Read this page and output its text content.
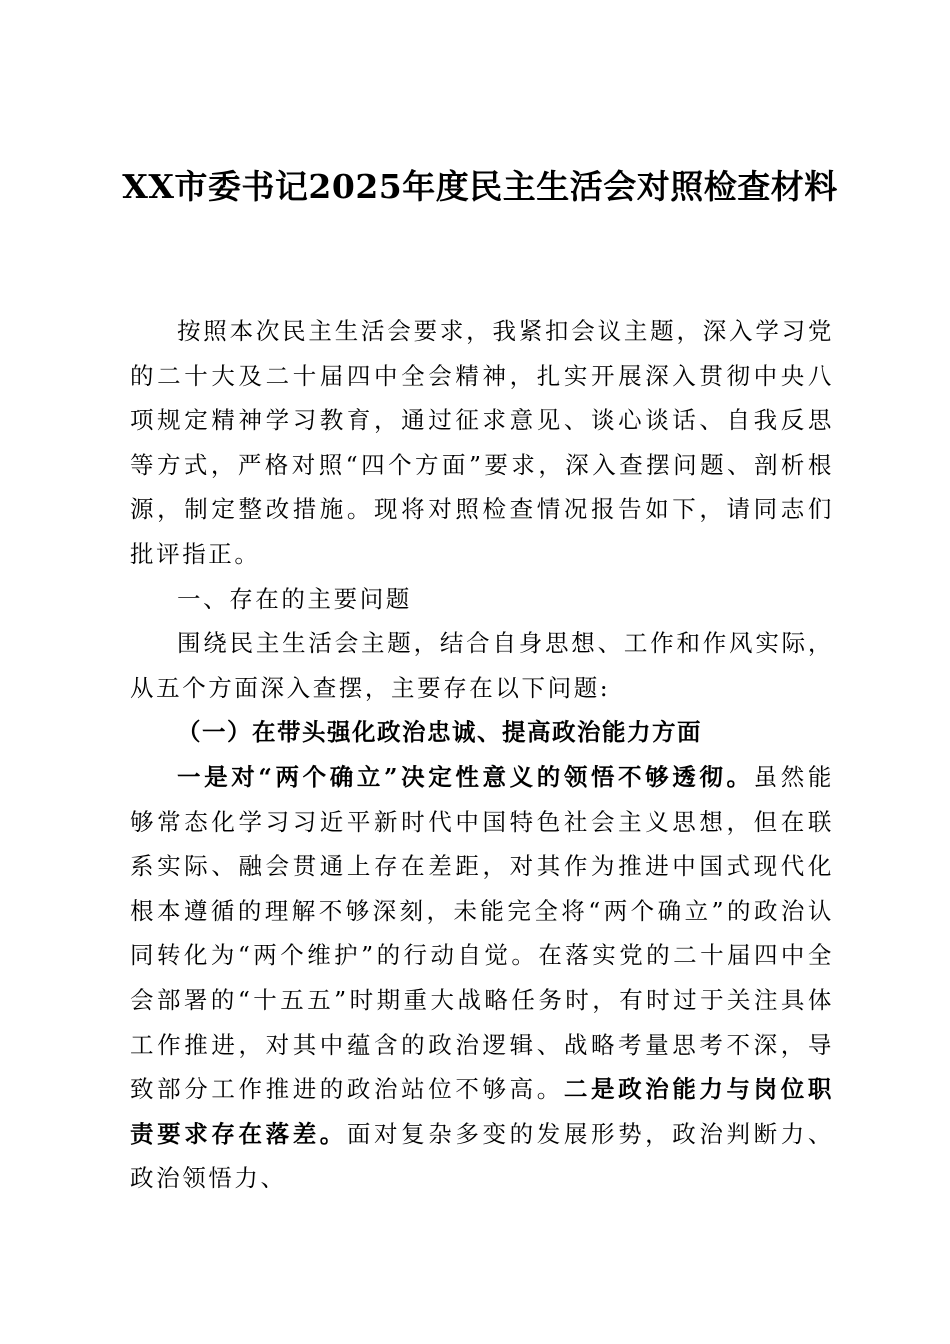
XX市委书记2025年度民主生活会对照检查材料

按照本次民主生活会要求，我紧扣会议主题，深入学习党的二十大及二十届四中全会精神，扎实开展深入贯彻中央八项规定精神学习教育，通过征求意见、谈心谈话、自我反思等方式，严格对照“四个方面”要求，深入查摆问题、剖析根源，制定整改措施。现将对照检查情况报告如下，请同志们批评指正。

一、存在的主要问题

围绕民主生活会主题，结合自身思想、工作和作风实际，从五个方面深入查摆，主要存在以下问题:

（一）在带头强化政治忠诚、提高政治能力方面

一是对“两个确立”决定性意义的领悟不够透彻。虽然能够常态化学习习近平新时代中国特色社会主义思想，但在联系实际、融会贯通上存在差距，对其作为推进中国式现代化根本遵循的理解不够深刻，未能完全将“两个确立”的政治认同转化为“两个维护”的行动自觉。在落实党的二十届四中全会部署的“十五五”时期重大战略任务时，有时过于关注具体工作推进，对其中蕴含的政治逻辑、战略考量思考不深，导致部分工作推进的政治站位不够高。二是政治能力与岗位职责要求存在落差。面对复杂多变的发展形势，政治判断力、政治领悟力、
